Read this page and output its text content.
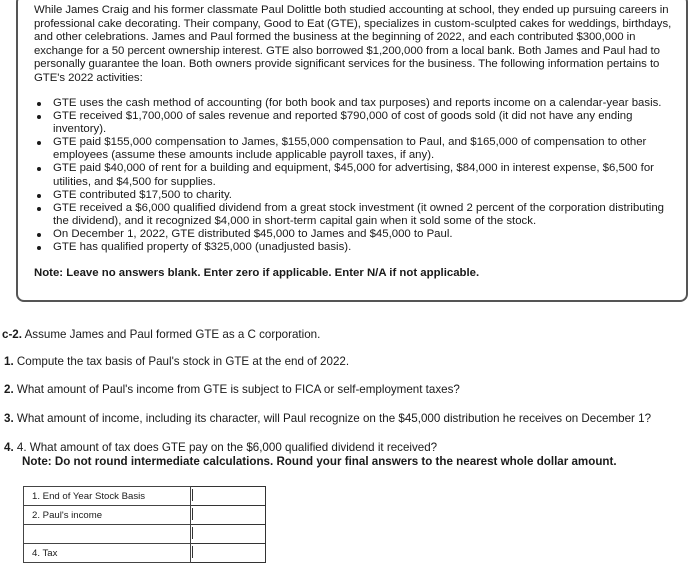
While James Craig and his former classmate Paul Dolittle both studied accounting at school, they ended up pursuing careers in professional cake decorating. Their company, Good to Eat (GTE), specializes in custom-sculpted cakes for weddings, birthdays, and other celebrations. James and Paul formed the business at the beginning of 2022, and each contributed $300,000 in exchange for a 50 percent ownership interest. GTE also borrowed $1,200,000 from a local bank. Both James and Paul had to personally guarantee the loan. Both owners provide significant services for the business. The following information pertains to GTE's 2022 activities:

GTE uses the cash method of accounting (for both book and tax purposes) and reports income on a calendar-year basis.
GTE received $1,700,000 of sales revenue and reported $790,000 of cost of goods sold (it did not have any ending inventory).
GTE paid $155,000 compensation to James, $155,000 compensation to Paul, and $165,000 of compensation to other employees (assume these amounts include applicable payroll taxes, if any).
GTE paid $40,000 of rent for a building and equipment, $45,000 for advertising, $84,000 in interest expense, $6,500 for utilities, and $4,500 for supplies.
GTE contributed $17,500 to charity.
GTE received a $6,000 qualified dividend from a great stock investment (it owned 2 percent of the corporation distributing the dividend), and it recognized $4,000 in short-term capital gain when it sold some of the stock.
On December 1, 2022, GTE distributed $45,000 to James and $45,000 to Paul.
GTE has qualified property of $325,000 (unadjusted basis).

Note: Leave no answers blank. Enter zero if applicable. Enter N/A if not applicable.

c-2. Assume James and Paul formed GTE as a C corporation.
1. Compute the tax basis of Paul's stock in GTE at the end of 2022.
2. What amount of Paul's income from GTE is subject to FICA or self-employment taxes?
3. What amount of income, including its character, will Paul recognize on the $45,000 distribution he receives on December 1?
4. 4. What amount of tax does GTE pay on the $6,000 qualified dividend it received?
Note: Do not round intermediate calculations. Round your final answers to the nearest whole dollar amount.
1. End of Year Stock Basis	

2. Paul's income	

4. Tax	
